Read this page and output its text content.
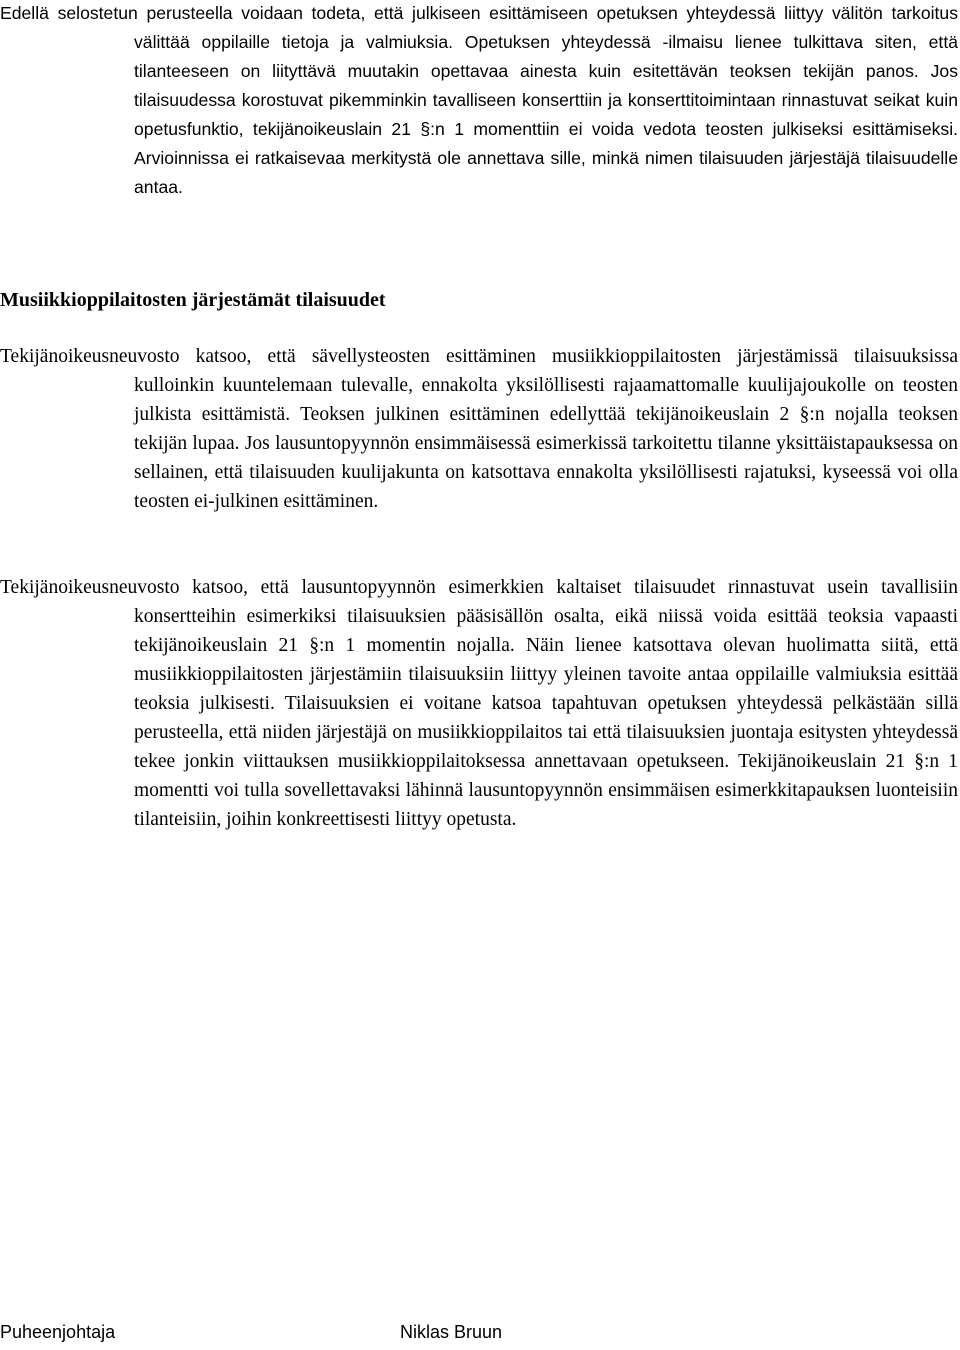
Edellä selostetun perusteella voidaan todeta, että julkiseen esittämiseen opetuksen yhteydessä liittyy välitön tarkoitus välittää oppilaille tietoja ja valmiuksia. Opetuksen yhteydessä -ilmaisu lienee tulkittava siten, että tilanteeseen on liityttävä muutakin opettavaa ainesta kuin esitettävän teoksen tekijän panos. Jos tilaisuudessa korostuvat pikemminkin tavalliseen konserttiin ja konserttitoimintaan rinnastuvat seikat kuin opetusfunktio, tekijänoikeuslain 21 §:n 1 momenttiin ei voida vedota teosten julkiseksi esittämiseksi. Arvioinnissa ei ratkaisevaa merkitystä ole annettava sille, minkä nimen tilaisuuden järjestäjä tilaisuudelle antaa.

Musiikkioppilaitosten järjestämät tilaisuudet

Tekijänoikeusneuvosto katsoo, että sävellysteosten esittäminen musiikkioppilaitosten järjestämissä tilaisuuksissa kulloinkin kuuntelemaan tulevalle, ennakolta yksilöllisesti rajaamattomalle kuulijajoukolle on teosten julkista esittämistä. Teoksen julkinen esittäminen edellyttää tekijänoikeuslain 2 §:n nojalla teoksen tekijän lupaa. Jos lausuntopyynnön ensimmäisessä esimerkissä tarkoitettu tilanne yksittäistapauksessa on sellainen, että tilaisuuden kuulijakunta on katsottava ennakolta yksilöllisesti rajatuksi, kyseessä voi olla teosten ei-julkinen esittäminen.

Tekijänoikeusneuvosto katsoo, että lausuntopyynnön esimerkkien kaltaiset tilaisuudet rinnastuvat usein tavallisiin konsertteihin esimerkiksi tilaisuuksien pääsisällön osalta, eikä niissä voida esittää teoksia vapaasti tekijänoikeuslain 21 §:n 1 momentin nojalla. Näin lienee katsottava olevan huolimatta siitä, että musiikkioppilaitosten järjestämiin tilaisuuksiin liittyy yleinen tavoite antaa oppilaille valmiuksia esittää teoksia julkisesti. Tilaisuuksien ei voitane katsoa tapahtuvan opetuksen yhteydessä pelkästään sillä perusteella, että niiden järjestäjä on musiikkioppilaitos tai että tilaisuuksien juontaja esitysten yhteydessä tekee jonkin viittauksen musiikkioppilaitoksessa annettavaan opetukseen. Tekijänoikeuslain 21 §:n 1 momentti voi tulla sovellettavaksi lähinnä lausuntopyynnön ensimmäisen esimerkkitapauksen luonteisiin tilanteisiin, joihin konkreettisesti liittyy opetusta.

Puheenjohtaja	Niklas Bruun
